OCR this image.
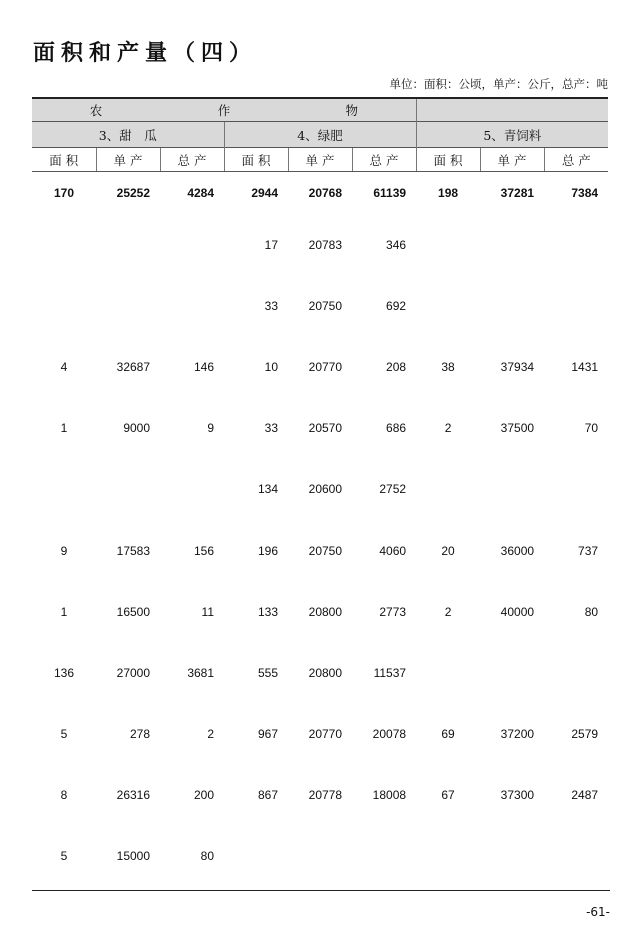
面积和产量（四）
单位：面积：公顷，单产：公斤，总产：吨
农		作		物				
3、甜　瓜			4、绿肥			5、青饲料		
面 积	单 产	总 产	面 积	单 产	总 产	面 积	单 产	总 产
170	25252	4284	2944	20768	61139	198	37281	7384
			17	20783	346			
			33	20750	692			
4	32687	146	10	20770	208	38	37934	1431
1	9000	9	33	20570	686	2	37500	70
			134	20600	2752			
9	17583	156	196	20750	4060	20	36000	737
1	16500	11	133	20800	2773	2	40000	80
136	27000	3681	555	20800	11537			
5	278	2	967	20770	20078	69	37200	2579
8	26316	200	867	20778	18008	67	37300	2487
5	15000	80						
-61-
